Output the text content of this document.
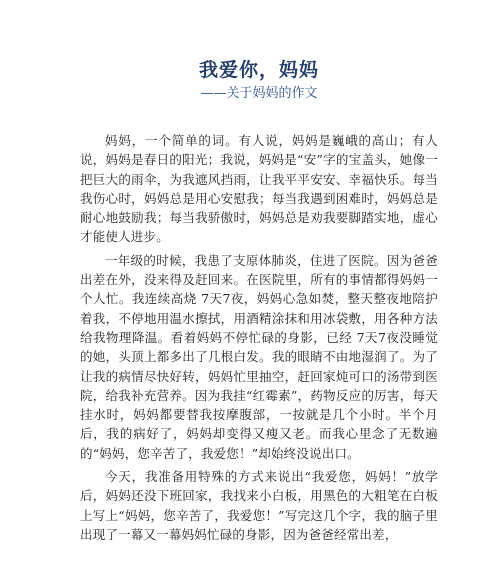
我爱你，妈妈
——关于妈妈的作文

妈妈，一个简单的词。有人说，妈妈是巍峨的高山；有人说，妈妈是春日的阳光；我说，妈妈是“安”字的宝盖头，她像一把巨大的雨伞，为我遮风挡雨，让我平平安安、幸福快乐。每当我伤心时，妈妈总是用心安慰我；每当我遇到困难时，妈妈总是耐心地鼓励我；每当我骄傲时，妈妈总是劝我要脚踏实地，虚心才能使人进步。

一年级的时候，我患了支原体肺炎，住进了医院。因为爸爸出差在外，没来得及赶回来。在医院里，所有的事情都得妈妈一个人忙。我连续高烧 7天7夜，妈妈心急如焚，整天整夜地陪护着我，不停地用温水擦拭，用酒精涂抹和用冰袋敷，用各种方法给我物理降温。看着妈妈不停忙碌的身影，已经 7天7夜没睡觉的她，头顶上都多出了几根白发。我的眼睛不由地湿润了。为了让我的病情尽快好转，妈妈忙里抽空，赶回家炖可口的汤带到医院，给我补充营养。因为我挂“红霉素”，药物反应的厉害，每天挂水时，妈妈都要替我按摩腹部，一按就是几个小时。半个月后，我的病好了，妈妈却变得又瘦又老。而我心里念了无数遍的“妈妈，您辛苦了，我爱您！”却始终没说出口。

今天，我准备用特殊的方式来说出“我爱您，妈妈！”放学后，妈妈还没下班回家，我找来小白板，用黑色的大粗笔在白板上写上“妈妈，您辛苦了，我爱您！”写完这几个字，我的脑子里出现了一幕又一幕妈妈忙碌的身影，因为爸爸经常出差，
